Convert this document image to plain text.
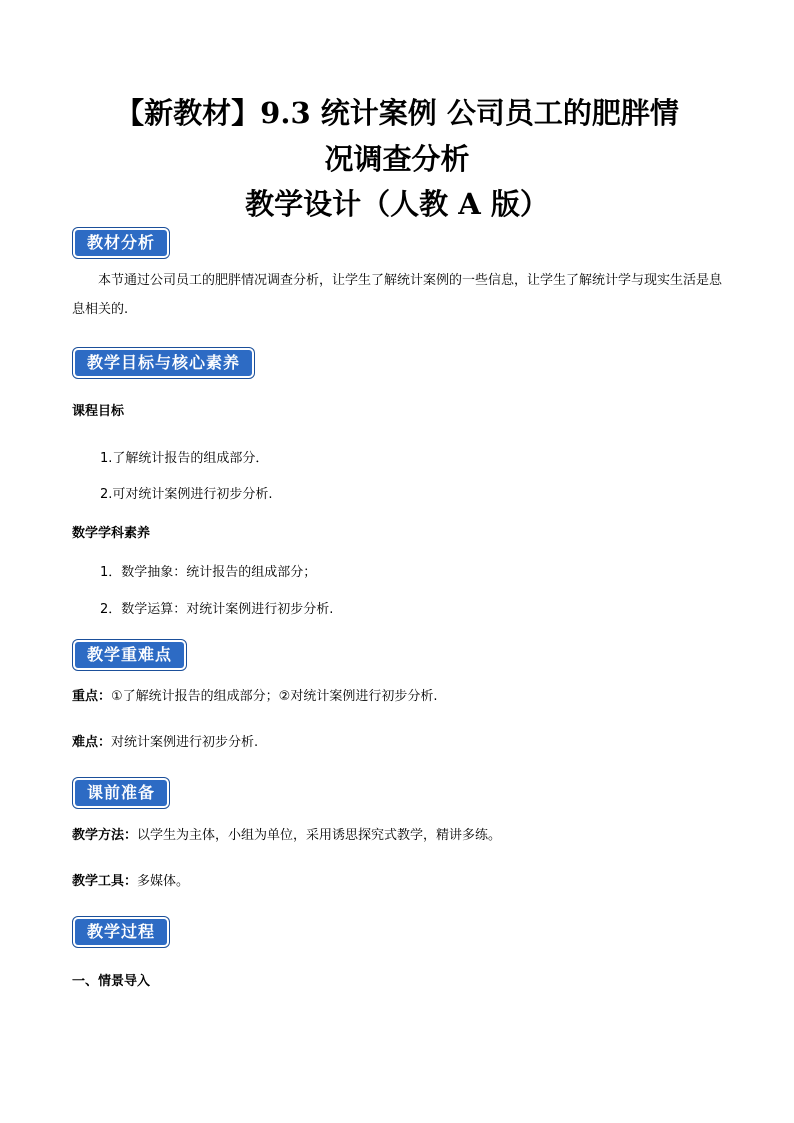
【新教材】9.3 统计案例 公司员工的肥胖情
况调查分析
教学设计（人教 A 版）
教材分析

本节通过公司员工的肥胖情况调查分析，让学生了解统计案例的一些信息，让学生了解统计学与现实生活是息息相关的.

教学目标与核心素养
课程目标
1.了解统计报告的组成部分．
2.可对统计案例进行初步分析.
数学学科素养
1．数学抽象：统计报告的组成部分；
2．数学运算：对统计案例进行初步分析.
教学重难点
重点：①了解统计报告的组成部分；②对统计案例进行初步分析.
难点：对统计案例进行初步分析.
课前准备
教学方法：以学生为主体，小组为单位，采用诱思探究式教学，精讲多练。
教学工具：多媒体。
教学过程
一、情景导入
